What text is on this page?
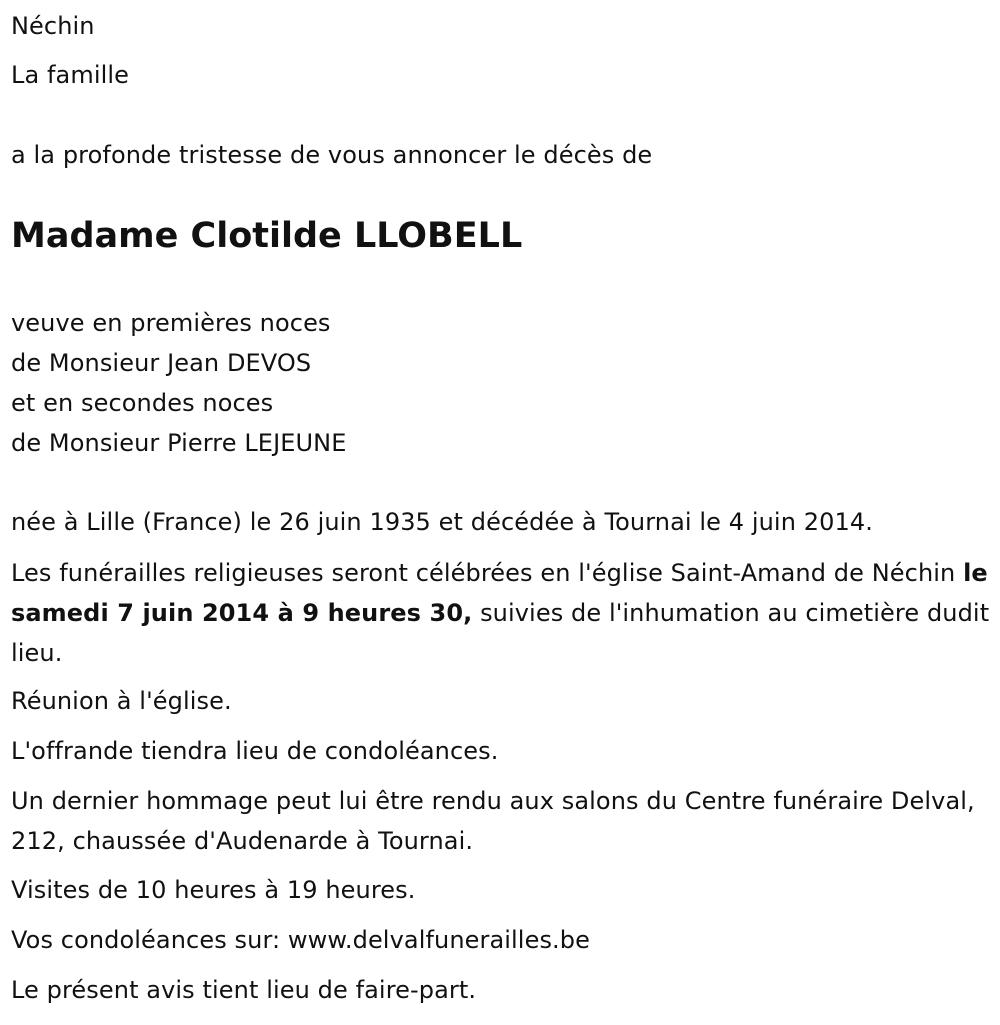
Néchin
La famille
a la profonde tristesse de vous annoncer le décès de
Madame Clotilde LLOBELL
veuve en premières noces
de Monsieur Jean DEVOS
et en secondes noces
de Monsieur Pierre LEJEUNE
née à Lille (France) le 26 juin 1935 et décédée à Tournai le 4 juin 2014.
Les funérailles religieuses seront célébrées en l'église Saint-Amand de Néchin le samedi 7 juin 2014 à 9 heures 30, suivies de l'inhumation au cimetière dudit lieu.
Réunion à l'église.
L'offrande tiendra lieu de condoléances.
Un dernier hommage peut lui être rendu aux salons du Centre funéraire Delval, 212, chaussée d'Audenarde à Tournai.
Visites de 10 heures à 19 heures.
Vos condoléances sur: www.delvalfunerailles.be
Le présent avis tient lieu de faire-part.
